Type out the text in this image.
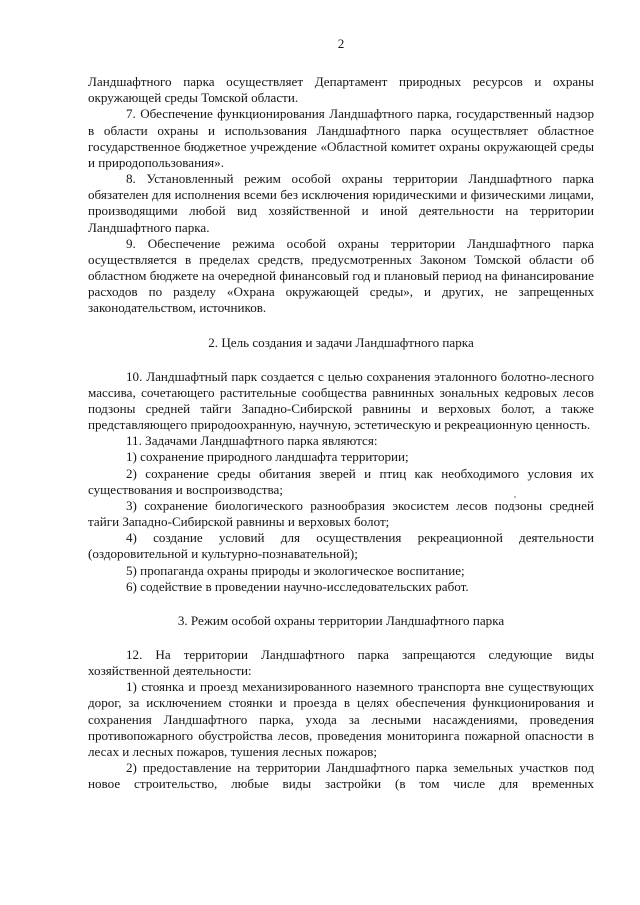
2

Ландшафтного парка осуществляет Департамент природных ресурсов и охраны окружающей среды Томской области.

7. Обеспечение функционирования Ландшафтного парка, государственный надзор в области охраны и использования Ландшафтного парка осуществляет областное государственное бюджетное учреждение «Областной комитет охраны окружающей среды и природопользования».

8. Установленный режим особой охраны территории Ландшафтного парка обязателен для исполнения всеми без исключения юридическими и физическими лицами, производящими любой вид хозяйственной и иной деятельности на территории Ландшафтного парка.

9. Обеспечение режима особой охраны территории Ландшафтного парка осуществляется в пределах средств, предусмотренных Законом Томской области об областном бюджете на очередной финансовый год и плановый период на финансирование расходов по разделу «Охрана окружающей среды», и других, не запрещенных законодательством, источников.

2. Цель создания и задачи Ландшафтного парка

10. Ландшафтный парк создается с целью сохранения эталонного болотно-лесного массива, сочетающего растительные сообщества равнинных зональных кедровых лесов подзоны средней тайги Западно-Сибирской равнины и верховых болот, а также представляющего природоохранную, научную, эстетическую и рекреационную ценность.

11. Задачами Ландшафтного парка являются:

1) сохранение природного ландшафта территории;

2) сохранение среды обитания зверей и птиц как необходимого условия их существования и воспроизводства;

3) сохранение биологического разнообразия экосистем лесов подзоны средней тайги Западно-Сибирской равнины и верховых болот;

4) создание условий для осуществления рекреационной деятельности (оздоровительной и культурно-познавательной);

5) пропаганда охраны природы и экологическое воспитание;

6) содействие в проведении научно-исследовательских работ.

3. Режим особой охраны территории Ландшафтного парка

12. На территории Ландшафтного парка запрещаются следующие виды хозяйственной деятельности:

1) стоянка и проезд механизированного наземного транспорта вне существующих дорог, за исключением стоянки и проезда в целях обеспечения функционирования и сохранения Ландшафтного парка, ухода за лесными насаждениями, проведения противопожарного обустройства лесов, проведения мониторинга пожарной опасности в лесах и лесных пожаров, тушения лесных пожаров;

2) предоставление на территории Ландшафтного парка земельных участков под новое строительство, любые виды застройки (в том числе для временных
